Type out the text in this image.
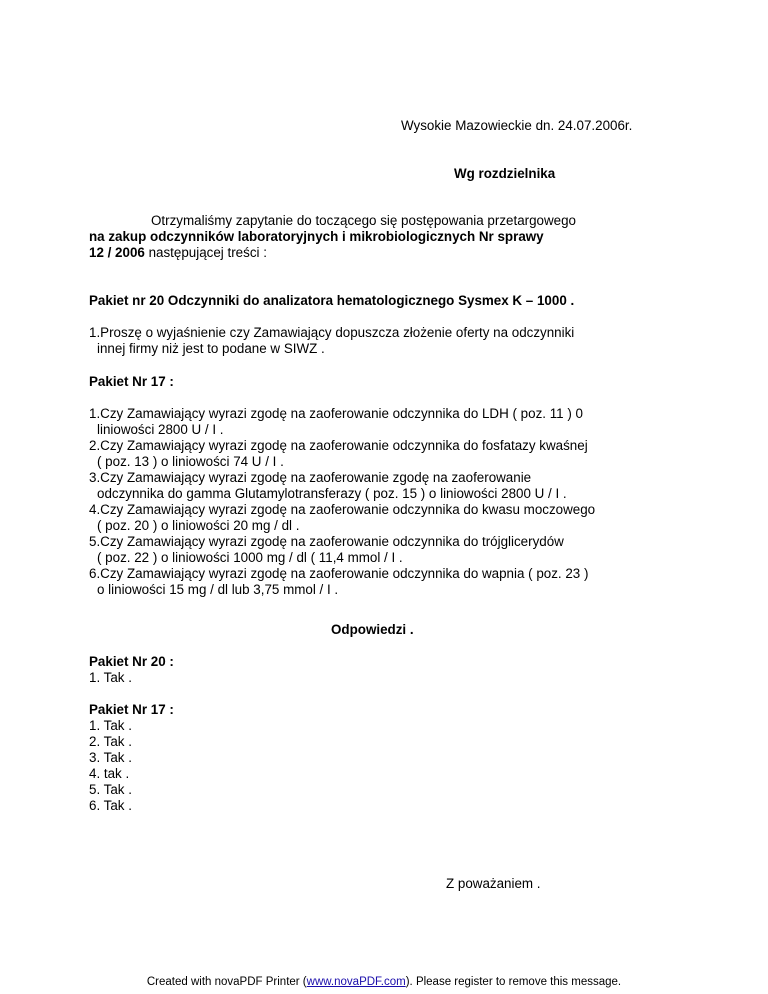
Wysokie Mazowieckie dn. 24.07.2006r.
Wg rozdzielnika
Otrzymaliśmy zapytanie do toczącego się postępowania przetargowego
na zakup odczynników laboratoryjnych i mikrobiologicznych Nr sprawy
12 / 2006 następującej treści :
Pakiet nr 20 Odczynniki do analizatora hematologicznego Sysmex K – 1000 .
1.Proszę o wyjaśnienie czy Zamawiający dopuszcza złożenie oferty na odczynniki
innej firmy niż jest to podane w SIWZ .
Pakiet Nr 17 :
1.Czy Zamawiający wyrazi zgodę na zaoferowanie odczynnika do LDH ( poz. 11 ) 0
liniowości 2800 U / I .
2.Czy Zamawiający wyrazi zgodę na zaoferowanie odczynnika do fosfatazy kwaśnej
( poz. 13 ) o liniowości 74 U / I .
3.Czy Zamawiający wyrazi zgodę na zaoferowanie zgodę na zaoferowanie
odczynnika do gamma Glutamylotransferazy ( poz. 15 ) o liniowości 2800 U / I .
4.Czy Zamawiający wyrazi zgodę na zaoferowanie odczynnika do kwasu moczowego
( poz. 20 ) o liniowości 20 mg / dl .
5.Czy Zamawiający wyrazi zgodę na zaoferowanie odczynnika do trójglicerydów
( poz. 22 ) o liniowości 1000 mg / dl ( 11,4 mmol / I .
6.Czy Zamawiający wyrazi zgodę na zaoferowanie odczynnika do wapnia ( poz. 23 )
o liniowości 15 mg / dl lub 3,75 mmol / I .
Odpowiedzi .
Pakiet Nr 20 :
1. Tak .
Pakiet Nr 17 :
1. Tak .
2. Tak .
3. Tak .
4. tak .
5. Tak .
6. Tak .
Z poważaniem .
Created with novaPDF Printer (www.novaPDF.com). Please register to remove this message.
